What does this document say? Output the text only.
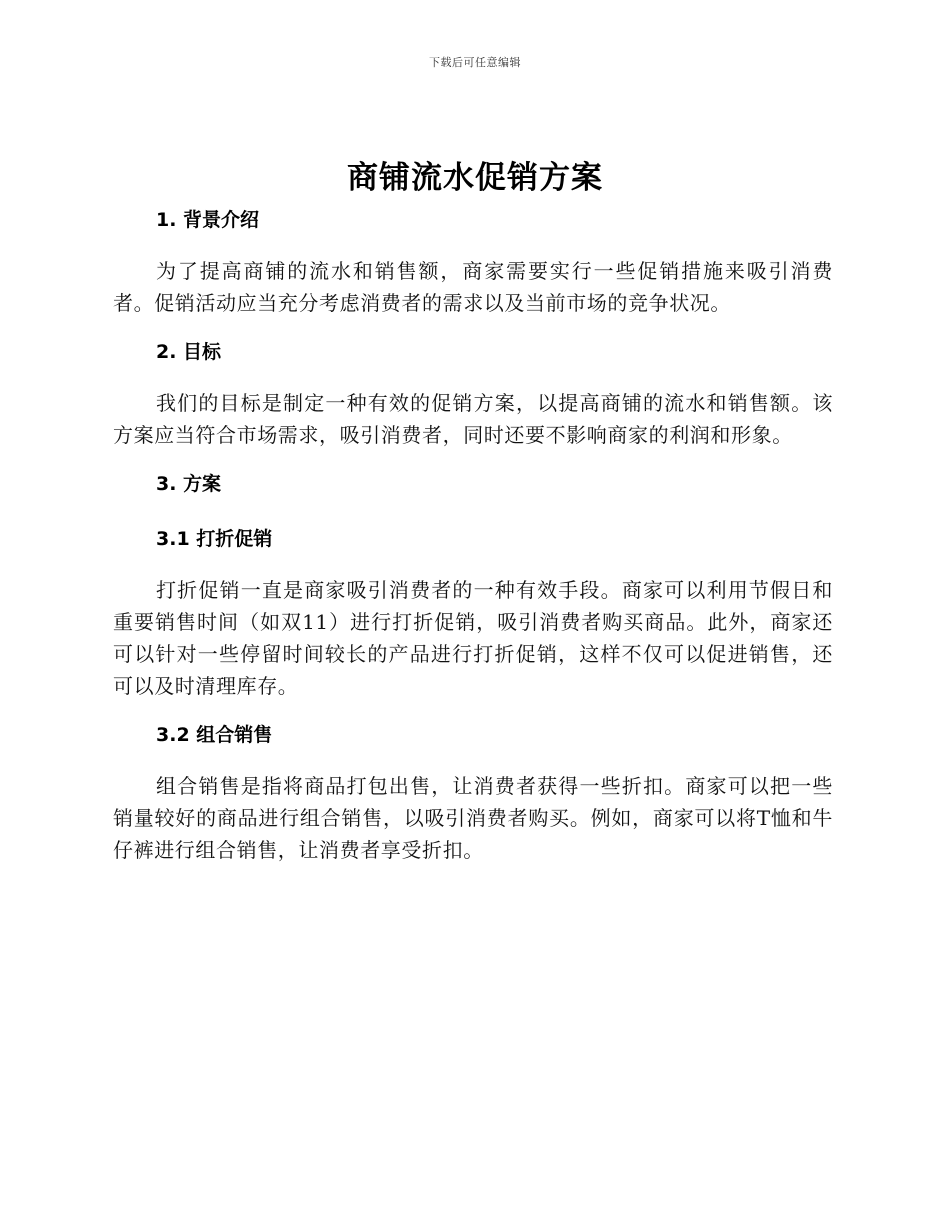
下载后可任意编辑
商铺流水促销方案
1. 背景介绍

为了提高商铺的流水和销售额，商家需要实行一些促销措施来吸引消费者。促销活动应当充分考虑消费者的需求以及当前市场的竞争状况。

2. 目标

我们的目标是制定一种有效的促销方案，以提高商铺的流水和销售额。该方案应当符合市场需求，吸引消费者，同时还要不影响商家的利润和形象。

3. 方案
3.1 打折促销

打折促销一直是商家吸引消费者的一种有效手段。商家可以利用节假日和重要销售时间（如双11）进行打折促销，吸引消费者购买商品。此外，商家还可以针对一些停留时间较长的产品进行打折促销，这样不仅可以促进销售，还可以及时清理库存。

3.2 组合销售

组合销售是指将商品打包出售，让消费者获得一些折扣。商家可以把一些销量较好的商品进行组合销售，以吸引消费者购买。例如，商家可以将T恤和牛仔裤进行组合销售，让消费者享受折扣。
